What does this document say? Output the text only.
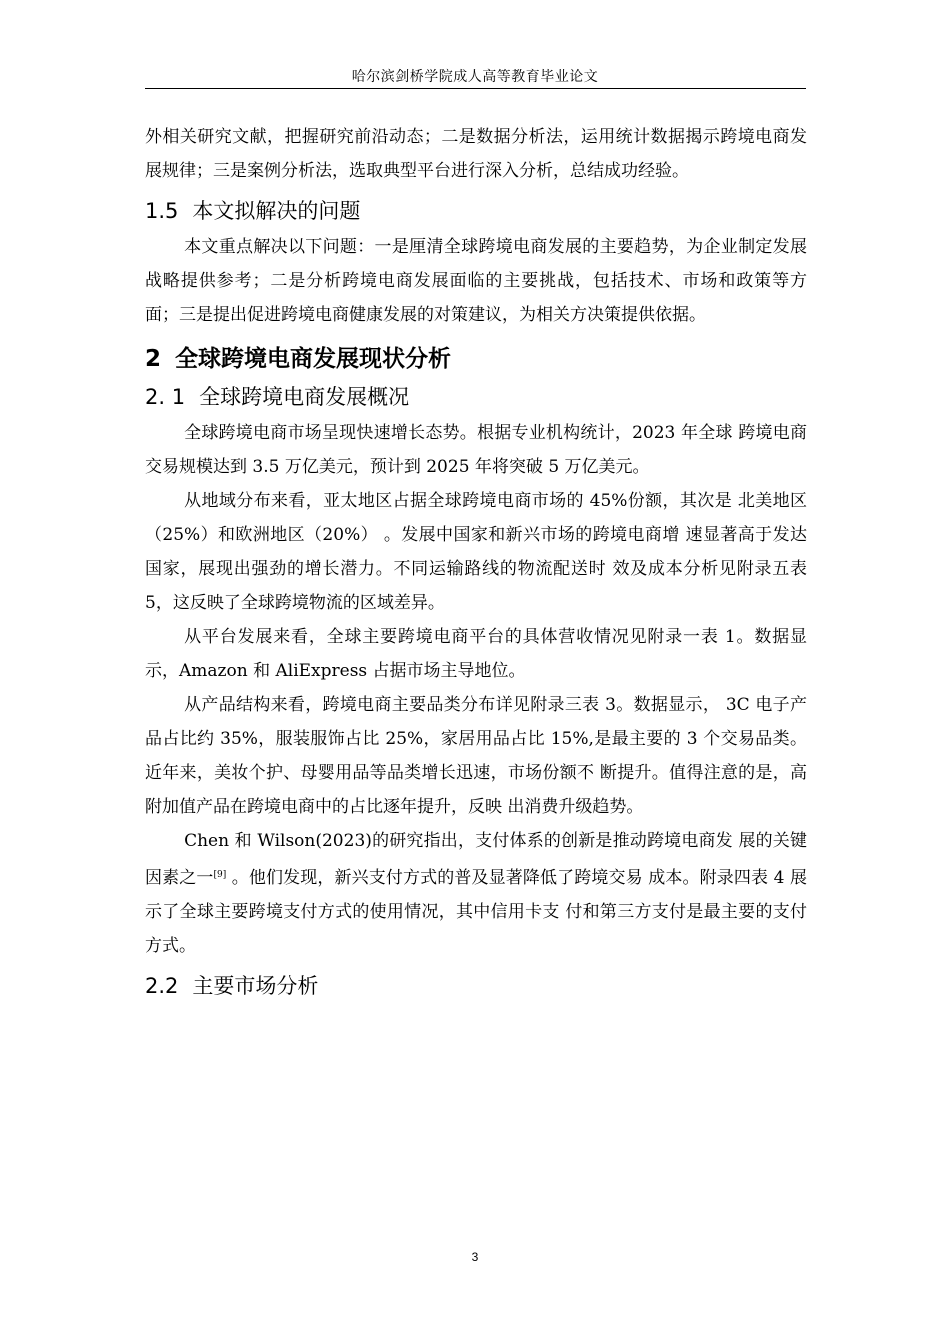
哈尔滨剑桥学院成人高等教育毕业论文

外相关研究文献，把握研究前沿动态；二是数据分析法，运用统计数据揭示跨境电商发展规律；三是案例分析法，选取典型平台进行深入分析，总结成功经验。

1.5 本文拟解决的问题

本文重点解决以下问题：一是厘清全球跨境电商发展的主要趋势，为企业制定发展战略提供参考；二是分析跨境电商发展面临的主要挑战，包括技术、市场和政策等方面；三是提出促进跨境电商健康发展的对策建议，为相关方决策提供依据。

2 全球跨境电商发展现状分析
2. 1 全球跨境电商发展概况

全球跨境电商市场呈现快速增长态势。根据专业机构统计，2023 年全球 跨境电商交易规模达到 3.5 万亿美元，预计到 2025 年将突破 5 万亿美元。

从地域分布来看，亚太地区占据全球跨境电商市场的 45%份额，其次是 北美地区（25%）和欧洲地区（20%） 。发展中国家和新兴市场的跨境电商增 速显著高于发达国家，展现出强劲的增长潜力。不同运输路线的物流配送时 效及成本分析见附录五表 5，这反映了全球跨境物流的区域差异。

从平台发展来看，全球主要跨境电商平台的具体营收情况见附录一表 1。数据显示，Amazon 和 AliExpress 占据市场主导地位。

从产品结构来看，跨境电商主要品类分布详见附录三表 3。数据显示， 3C 电子产品占比约 35%，服装服饰占比 25%，家居用品占比 15%,是最主要的 3 个交易品类。近年来，美妆个护、母婴用品等品类增长迅速，市场份额不 断提升。值得注意的是，高附加值产品在跨境电商中的占比逐年提升，反映 出消费升级趋势。

Chen 和 Wilson(2023)的研究指出，支付体系的创新是推动跨境电商发 展的关键因素之一[9] 。他们发现，新兴支付方式的普及显著降低了跨境交易 成本。附录四表 4 展示了全球主要跨境支付方式的使用情况，其中信用卡支 付和第三方支付是最主要的支付方式。

2.2 主要市场分析
3
